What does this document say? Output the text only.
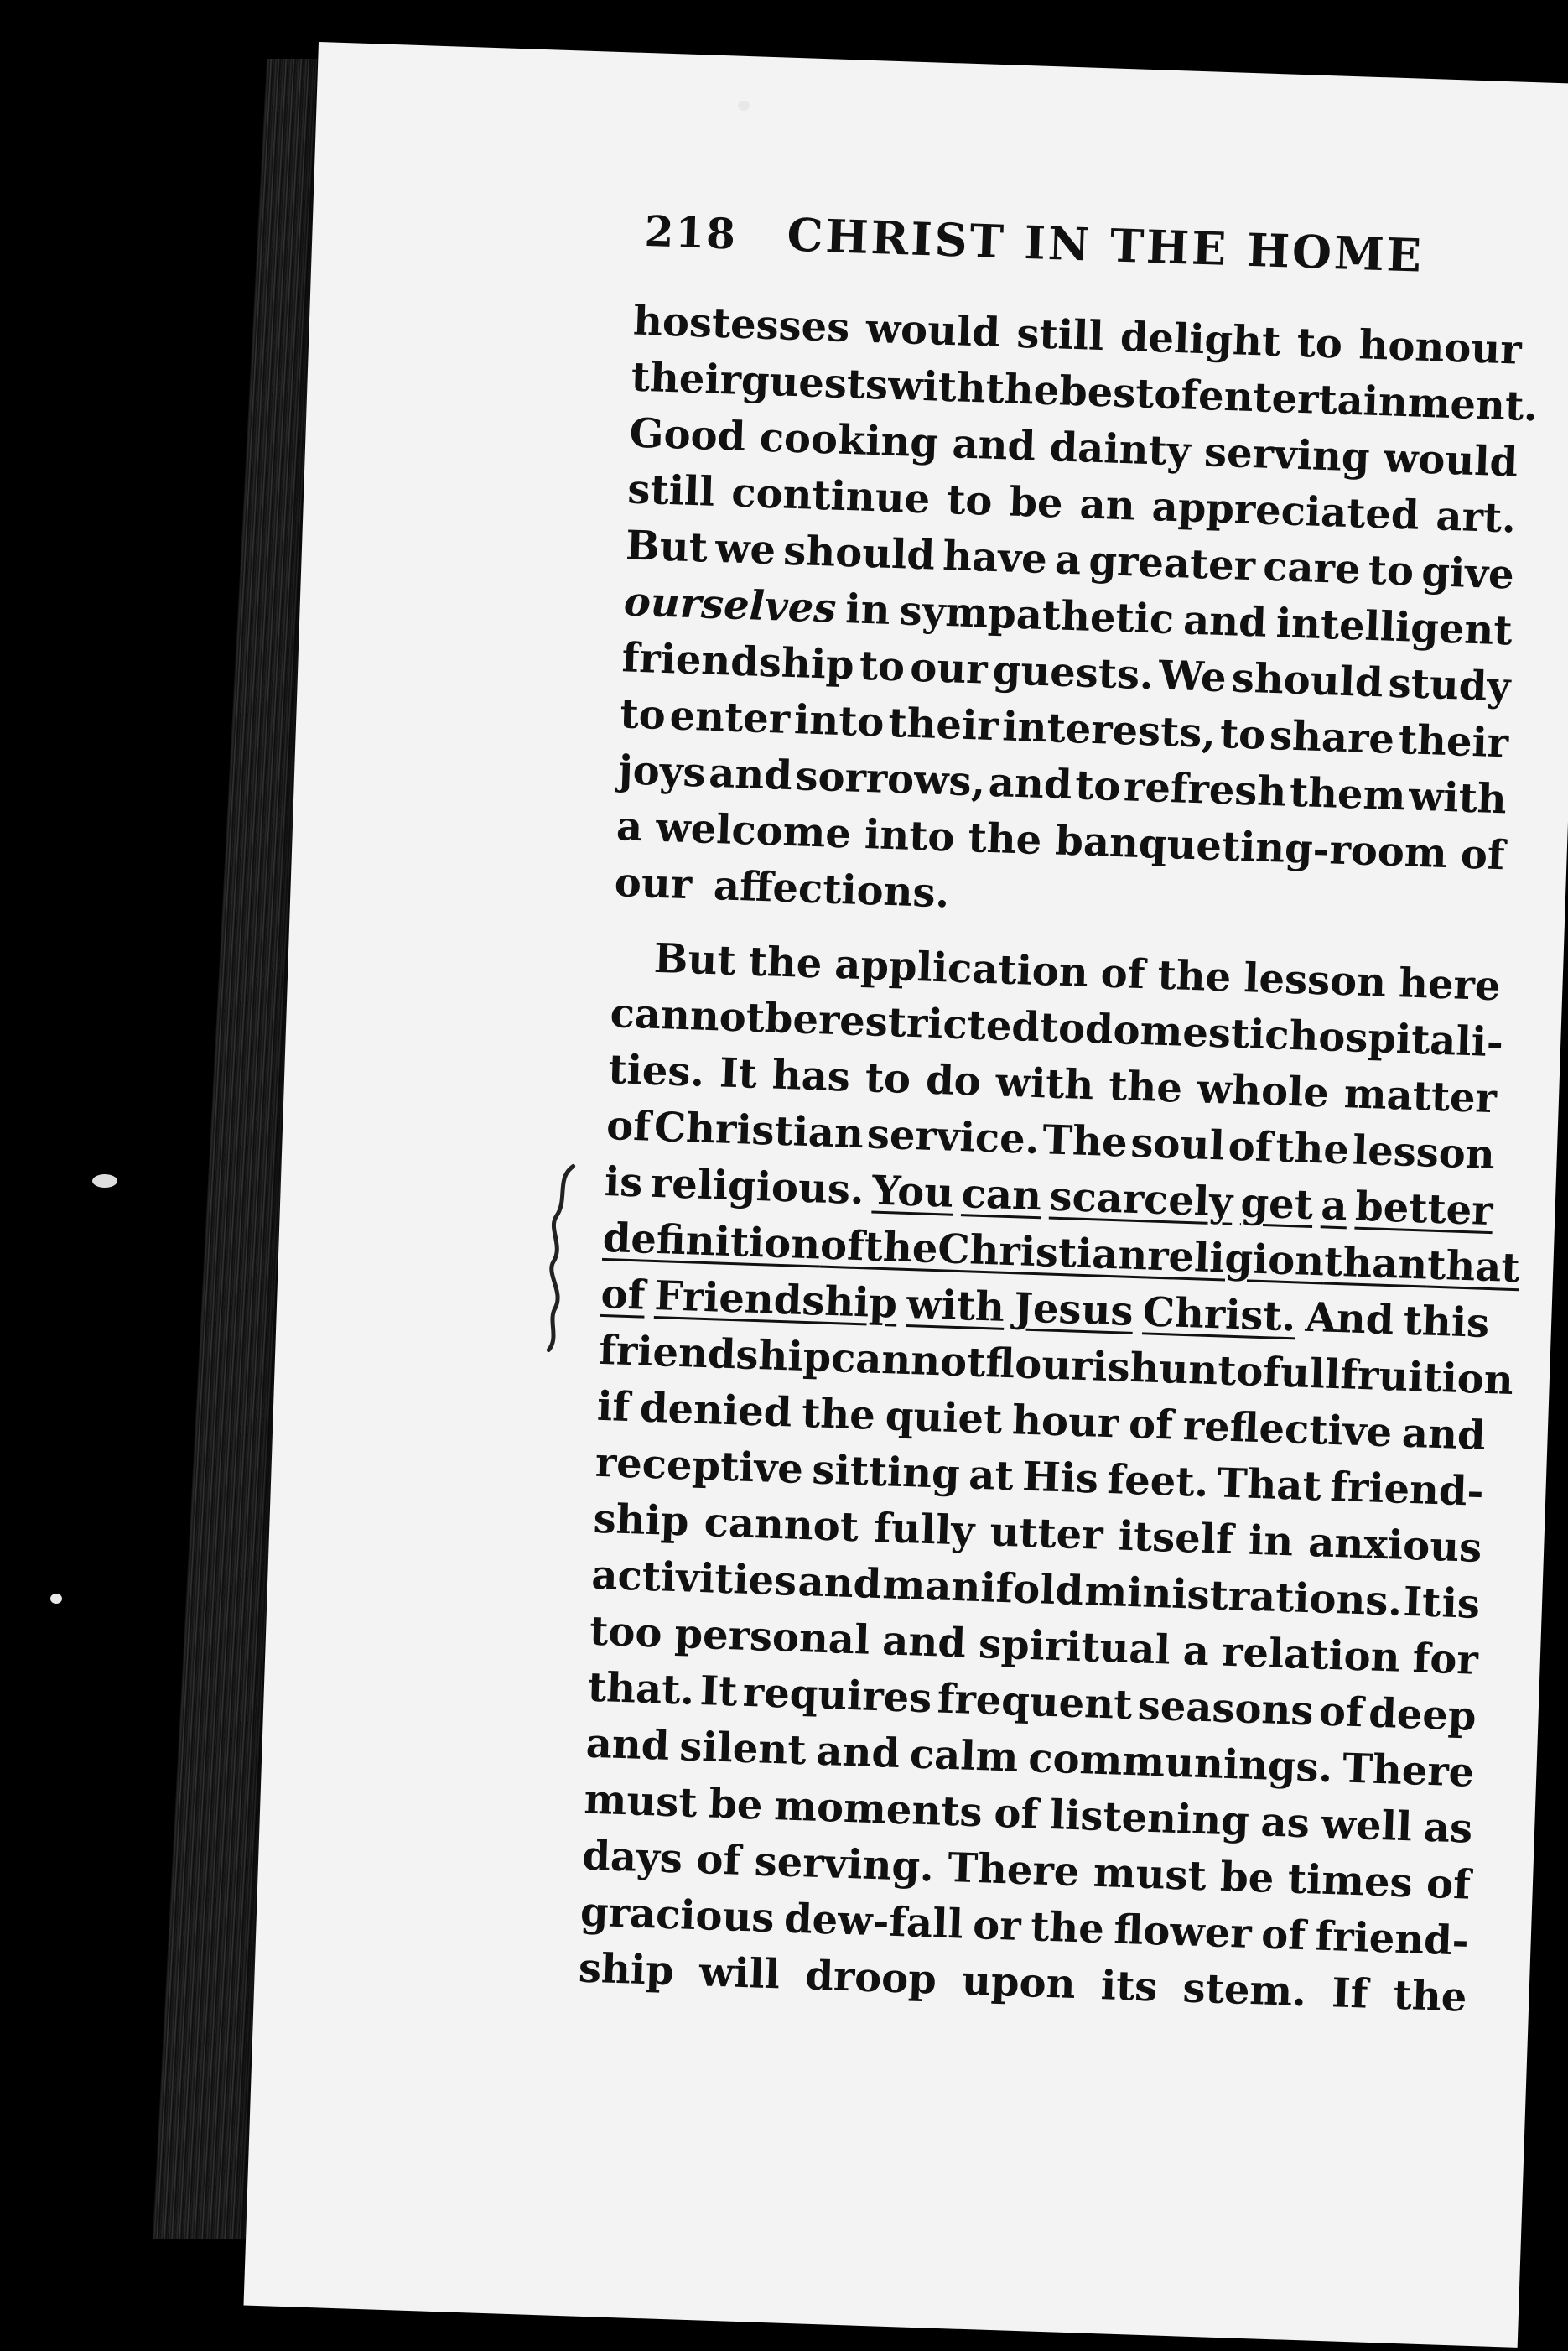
218	CHRIST IN THE HOME
hostesses would still delight to honour
their
guests
with
the
best
of
entertainment.
Good cooking and dainty serving would
still continue to be an appreciated art.
But we should have a greater care to give
ourselves in sympathetic and intelligent
friendship to our guests. We should study
to enter into their interests, to share their
joys and sorrows, and to refresh them with
a welcome into the banqueting-room of
our affections.
But the application of the lesson here
cannot
be
restricted
to
domestic
hospitali-
ties. It has to do with the whole matter
of Christian service. The soul of the lesson
is religious. You can scarcely get a better
definition
of
the
Christian
religion
than
that
of Friendship with Jesus Christ. And this
friendship
cannot
flourish
unto
full
fruition
if denied the quiet hour of reflective and
receptive sitting at His feet. That friend-
ship cannot fully utter itself in anxious
activities and manifold ministrations. It is
too personal and spiritual a relation for
that. It requires frequent seasons of deep
and silent and calm communings. There
must be moments of listening as well as
days of serving. There must be times of
gracious dew-fall or the flower of friend-
ship will droop upon its stem. If the
